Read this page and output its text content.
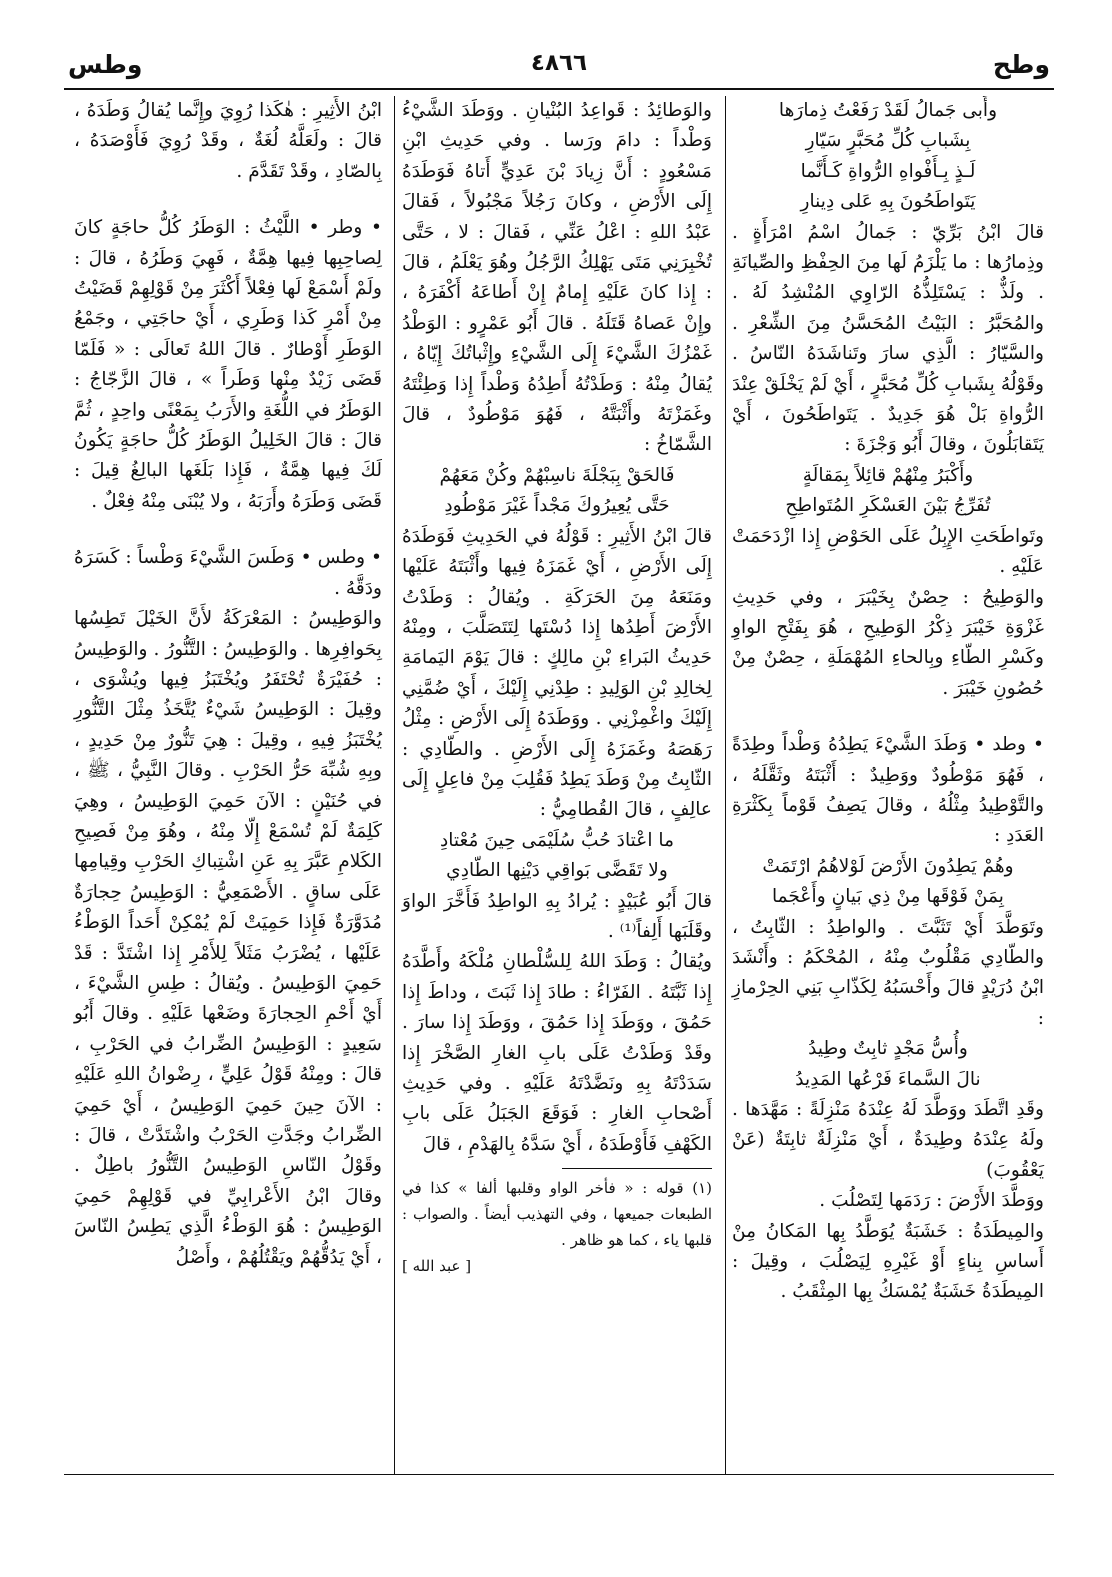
وطح
٤٨٦٦
وطس

وأَبى جَمالُ لَقَدْ رَفَعْتُ ذِمارَها

بِشَبابِ كُلِّ مُحَبَّرٍ سَيّارِ

لَـذٍ بِـأَفْواهِ الرُّواةِ كَـأَنَّما

يَتَواطَحُونَ بِهِ عَلى دِينارِ

قالَ ابْنُ بَرِّيّ : جَمالُ اسْمُ امْرَأَةٍ . وذِمارُها : ما يَلْزَمُ لَها مِنَ الحِفْظِ والصِّيانَةِ . ولَذٌّ : يَسْتَلِذُّهُ الرّاوِي المُنْشِدُ لَهُ . والمُحَبَّرُ : البَيْتُ المُحَسَّنُ مِنَ الشِّعْرِ . والسَّيّارُ : الَّذِي سارَ وتَناشَدَهُ النّاسُ . وقَوْلُهُ بِشَبابِ كُلِّ مُحَبَّرٍ ، أَيْ لَمْ يَخْلَقْ عِنْدَ الرُّواةِ بَلْ هُوَ جَدِيدٌ . يَتَواطَحُونَ ، أَيْ يَتَقابَلُونَ ، وقالَ أَبُو وَجْزَةَ :

وأَكْبَرُ مِنْهُمْ قائِلاً بِمَقالَةٍ

تُفَرِّجُ بَيْنَ العَسْكَرِ المُتَواطِحِ

وتَواطَحَتِ الإِبِلُ عَلَى الحَوْضِ إِذا ازْدَحَمَتْ عَلَيْهِ .

والوَطِيحُ : حِصْنٌ بِخَيْبَرَ ، وفي حَدِيثِ غَزْوَةِ خَيْبَرَ ذِكْرُ الوَطِيحِ ، هُوَ بِفَتْحِ الواوِ وكَسْرِ الطّاءِ وبِالحاءِ المُهْمَلَةِ ، حِصْنٌ مِنْ حُصُونِ خَيْبَرَ .

• وطد • وَطَدَ الشَّيْءَ يَطِدُهُ وَطْداً وطِدَةً ، فَهُوَ مَوْطُودٌ ووَطِيدٌ : أَثْبَتَهُ وثَقَّلَهُ ، والتَّوْطِيدُ مِثْلُهُ ، وقالَ يَصِفُ قَوْماً بِكَثْرَةِ العَدَدِ :

وهُمْ يَطِدُونَ الأَرْضَ لَوْلاهُمُ ارْتَمَتْ

بِمَنْ فَوْقَها مِنْ ذِي بَيانٍ وأَعْجَما

وتَوَطَّدَ أَيْ تَثَبَّتَ . والواطِدُ : الثّابِتُ ، والطّادِي مَقْلُوبٌ مِنْهُ ، المُحْكَمُ : وأَنْشَدَ ابْنُ دُرَيْدٍ قالَ وأَحْسَبُهُ لِكَذّابِ بَنِي الحِرْمازِ :

وأُسُّ مَجْدٍ ثابِتٌ وطِيدُ

نالَ السَّماءَ فَرْعُها المَدِيدُ

وقَدِ اتَّطَدَ ووَطَّدَ لَهُ عِنْدَهُ مَنْزِلَةً : مَهَّدَها . ولَهُ عِنْدَهُ وطِيدَةٌ ، أَيْ مَنْزِلَةٌ ثابِتَةٌ (عَنْ يَعْقُوبَ)

ووَطَّدَ الأَرْضَ : رَدَمَها لِتَصْلُبَ .

والمِيطَدَةُ : خَشَبَةٌ يُوَطَّدُ بِها المَكانُ مِنْ أَساسِ بِناءٍ أَوْ غَيْرِهِ لِيَصْلُبَ ، وقِيلَ : المِيطَدَةُ خَشَبَةٌ يُمْسَكُ بِها المِثْقَبُ .

والوَطائِدُ : قَواعِدُ البُنْيانِ . ووَطَدَ الشَّيْءُ وَطْداً : دامَ ورَسا . وفي حَدِيثِ ابْنِ مَسْعُودٍ : أَنَّ زِيادَ بْنَ عَدِيٍّ أَتاهُ فَوَطَدَهُ إِلَى الأَرْضِ ، وكانَ رَجُلاً مَجْبُولاً ، فَقالَ عَبْدُ اللهِ : اعْلُ عَنِّي ، فَقالَ : لا ، حَتَّى تُخْبِرَنِي مَتَى يَهْلِكُ الرَّجُلُ وهُوَ يَعْلَمُ ، قالَ : إِذا كانَ عَلَيْهِ إِمامٌ إِنْ أَطاعَهُ أَكْفَرَهُ ، وإِنْ عَصاهُ قَتَلَهُ . قالَ أَبُو عَمْرٍو : الوَطْدُ غَمْزُكَ الشَّيْءَ إِلَى الشَّيْءِ وإِثْباتُكَ إِيّاهُ ، يُقالُ مِنْهُ : وَطَدْتُهُ أَطِدُهُ وَطْداً إِذا وَطِئْتَهُ وغَمَزْتَهُ وأَثْبَتَّهُ ، فَهُوَ مَوْطُودٌ ، قالَ الشَّمّاخُ :

فَالحَقْ بِبَجْلَةَ ناسِبْهُمْ وكُنْ مَعَهُمْ

حَتَّى يُعِيرُوكَ مَجْداً غَيْرَ مَوْطُودِ

قالَ ابْنُ الأَثِيرِ : قَوْلُهُ في الحَدِيثِ فَوَطَدَهُ إِلَى الأَرْضِ ، أَيْ غَمَزَهُ فِيها وأَثْبَتَهُ عَلَيْها ومَنَعَهُ مِنَ الحَرَكَةِ . ويُقالُ : وَطَدْتُ الأَرْضَ أَطِدُها إِذا دُسْتَها لِتَتَصَلَّبَ ، ومِنْهُ حَدِيثُ البَراءِ بْنِ مالِكٍ : قالَ يَوْمَ اليَمامَةِ لِخالِدِ بْنِ الوَلِيدِ : طِدْنِي إِلَيْكَ ، أَيْ ضُمَّنِي إِلَيْكَ واغْمِزْنِي . ووَطَدَهُ إِلَى الأَرْضِ : مِثْلُ رَهَصَهُ وغَمَزَهُ إِلَى الأَرْضِ . والطّادِي : الثّابِتُ مِنْ وَطَدَ يَطِدُ فَقُلِبَ مِنْ فاعِلٍ إِلَى عالِفٍ ، قالَ القُطامِيُّ :

ما اعْتادَ حُبُّ سُلَيْمَى حِينَ مُعْتادِ

ولا تَقَضَّى بَواقِي دَيْنِها الطّادِي

قالَ أَبُو عُبَيْدٍ : يُرادُ بِهِ الواطِدُ فَأَخَّرَ الواوَ وقَلَبَها أَلِفاً⁽¹⁾ .

ويُقالُ : وَطَدَ اللهُ لِلسُّلْطانِ مُلْكَهُ وأَطَّدَهُ إِذا ثَبَّتَهُ . الفَرّاءُ : طادَ إِذا ثَبَتَ ، وداطَ إِذا حَمُقَ ، ووَطَدَ إِذا حَمُقَ ، ووَطَدَ إِذا سارَ . وقَدْ وَطَدْتُ عَلَى بابِ الغارِ الصَّخْرَ إِذا سَدَدْتَهُ بِهِ ونَضَّدْتَهُ عَلَيْهِ . وفي حَدِيثِ أَصْحابِ الغارِ : فَوَقَعَ الجَبَلُ عَلَى بابِ الكَهْفِ فَأَوْطَدَهُ ، أَيْ سَدَّهُ بِالهَدْمِ ، قالَ

(١) قوله : « فأخر الواو وقلبها ألفا » كذا في الطبعات جميعها ، وفي التهذيب أيضاً . والصواب : قلبها ياء ، كما هو ظاهر .

[ عبد الله ]

ابْنُ الأَثِيرِ : هٰكَذا رُوِيَ وإِنَّما يُقالُ وَطَدَهُ ، قالَ : ولَعَلَّهُ لُغَةٌ ، وقَدْ رُوِيَ فَأَوْصَدَهُ ، بِالصّادِ ، وقَدْ تَقَدَّمَ .

• وطر • اللَّيْثُ : الوَطَرُ كُلُّ حاجَةٍ كانَ لِصاحِبِها فِيها هِمَّةٌ ، فَهِيَ وَطَرُهُ ، قالَ : ولَمْ أَسْمَعْ لَها فِعْلاً أَكْثَرَ مِنْ قَوْلِهِمْ قَضَيْتُ مِنْ أَمْرِ كَذا وَطَرِي ، أَيْ حاجَتِي ، وجَمْعُ الوَطَرِ أَوْطارٌ . قالَ اللهُ تَعالَى : « فَلَمّا قَضَى زَيْدٌ مِنْها وَطَراً » ، قالَ الزَّجّاجُ : الوَطَرُ في اللُّغَةِ والأَرَبُ بِمَعْنًى واحِدٍ ، ثُمَّ قالَ : قالَ الخَلِيلُ الوَطَرُ كُلُّ حاجَةٍ يَكُونُ لَكَ فِيها هِمَّةٌ ، فَإِذا بَلَغَها البالِغُ قِيلَ : قَضَى وَطَرَهُ وأَرَبَهُ ، ولا يُبْنَى مِنْهُ فِعْلٌ .

• وطس • وَطَسَ الشَّيْءَ وَطْساً : كَسَرَهُ ودَقَّهُ .

والوَطِيسُ : المَعْرَكَةُ لأَنَّ الخَيْلَ تَطِسُها بِحَوافِرِها . والوَطِيسُ : التَّنُّورُ . والوَطِيسُ : حُفَيْرَةٌ تُحْتَفَرُ ويُخْتَبَزُ فِيها ويُشْوَى ، وقِيلَ : الوَطِيسُ شَيْءٌ يُتَّخَذُ مِثْلَ التَّنُّورِ يُخْتَبَزُ فِيهِ ، وقِيلَ : هِيَ تَنُّورٌ مِنْ حَدِيدٍ ، وبِهِ شُبِّهَ حَرُّ الحَرْبِ . وقالَ النَّبِيُّ ، ﷺ ، في حُنَيْنٍ : الآنَ حَمِيَ الوَطِيسُ ، وهِيَ كَلِمَةٌ لَمْ تُسْمَعْ إِلّا مِنْهُ ، وهُوَ مِنْ فَصِيحِ الكَلامِ عَبَّرَ بِهِ عَنِ اشْتِباكِ الحَرْبِ وقِيامِها عَلَى ساقٍ . الأَصْمَعِيُّ : الوَطِيسُ حِجارَةٌ مُدَوَّرَةٌ فَإِذا حَمِيَتْ لَمْ يُمْكِنْ أَحَداً الوَطْءُ عَلَيْها ، يُضْرَبُ مَثَلاً لِلأَمْرِ إِذا اشْتَدَّ : قَدْ حَمِيَ الوَطِيسُ . ويُقالُ : طِسِ الشَّيْءَ ، أَيْ أَحْمِ الحِجارَةَ وضَعْها عَلَيْهِ . وقالَ أَبُو سَعِيدٍ : الوَطِيسُ الضِّرابُ في الحَرْبِ ، قالَ : ومِنْهُ قَوْلُ عَلِيٍّ ، رِضْوانُ اللهِ عَلَيْهِ : الآنَ حِينَ حَمِيَ الوَطِيسُ ، أَيْ حَمِيَ الضِّرابُ وجَدَّتِ الحَرْبُ واشْتَدَّتْ ، قالَ : وقَوْلُ النّاسِ الوَطِيسُ التَّنُّورُ باطِلٌ . وقالَ ابْنُ الأَعْرابِيِّ في قَوْلِهِمْ حَمِيَ الوَطِيسُ : هُوَ الوَطْءُ الَّذِي يَطِسُ النّاسَ ، أَيْ يَدُقُّهُمْ ويَقْتُلُهُمْ ، وأَصْلُ
